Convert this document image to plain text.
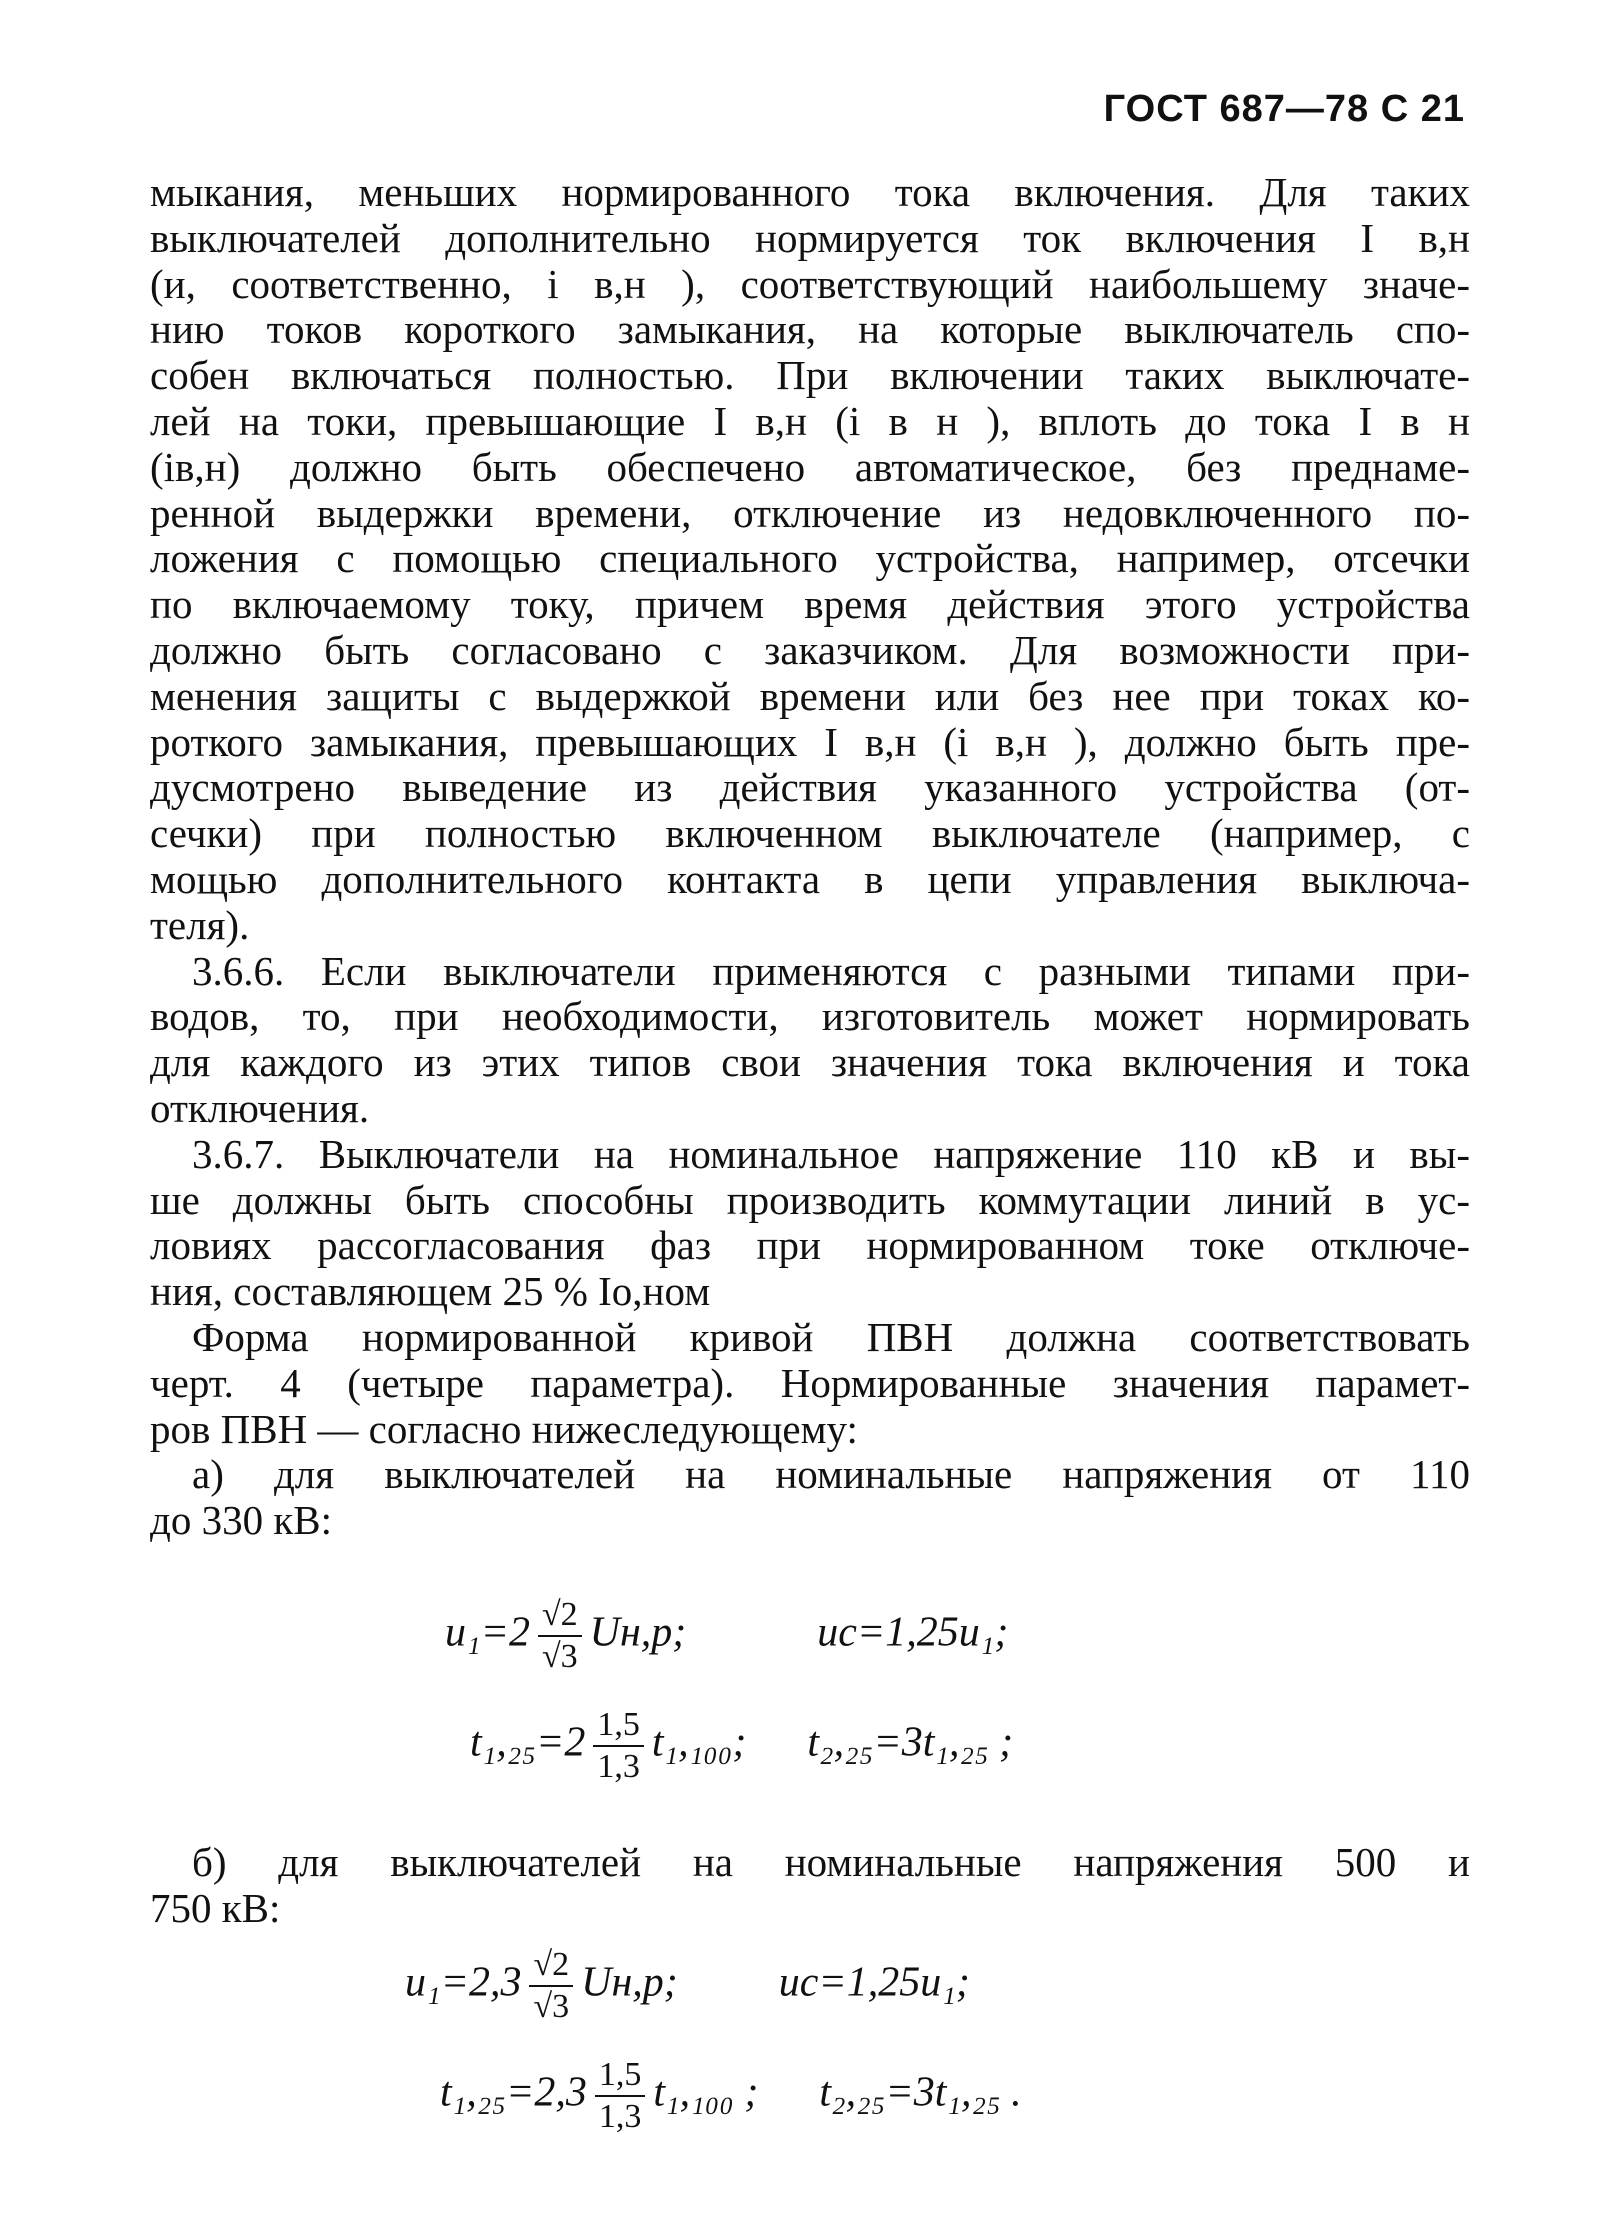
ГОСТ 687—78 С 21
мыкания, меньших нормированного тока включения. Для таких
выключателей дополнительно нормируется ток включения I в,н
(и, соответственно, i в,н ), соответствующий наибольшему значе-
нию токов короткого замыкания, на которые выключатель спо-
собен включаться полностью. При включении таких выключате-
лей на токи, превышающие I в,н (i в н ), вплоть до тока I в н
(iв,н) должно быть обеспечено автоматическое, без преднаме-
ренной выдержки времени, отключение из недовключенного по-
ложения с помощью специального устройства, например, отсечки
по включаемому току, причем время действия этого устройства
должно быть согласовано с заказчиком. Для возможности при-
менения защиты с выдержкой времени или без нее при токах ко-
роткого замыкания, превышающих I в,н (i в,н ), должно быть пре-
дусмотрено выведение из действия указанного устройства (от-
сечки) при полностью включенном выключателе (например, с
мощью дополнительного контакта в цепи управления выключа-
теля).
3.6.6. Если выключатели применяются с разными типами при-
водов, то, при необходимости, изготовитель может нормировать
для каждого из этих типов свои значения тока включения и тока
отключения.
3.6.7. Выключатели на номинальное напряжение 110 кВ и вы-
ше должны быть способны производить коммутации линий в ус-
ловиях рассогласования фаз при нормированном токе отключе-
ния, составляющем 25 % Iо,ном
Форма нормированной кривой ПВН должна соответствовать
черт. 4 (четыре параметра). Нормированные значения парамет-
ров ПВН — согласно нижеследующему:
а) для выключателей на номинальные напряжения от 110
до 330 кВ:
$u_1=2 \frac{√2}{√3} Uн,р$;	uс=1,25u₁;
$t_1,_{25}=2 \frac{1,5}{1,3} t_1,_{100}$; t₂,₂₅=3t₁,₂₅ ;
б) для выключателей на номинальные напряжения 500 и
750 кВ:
$u_1=2,3 \frac{√2}{√3} Uн,р$; uс=1,25u₁;
$t_1,_{25}=2,3 \frac{1,5}{1,3} t_1,_{100}$ ; t₂,₂₅=3t₁,₂₅ .
